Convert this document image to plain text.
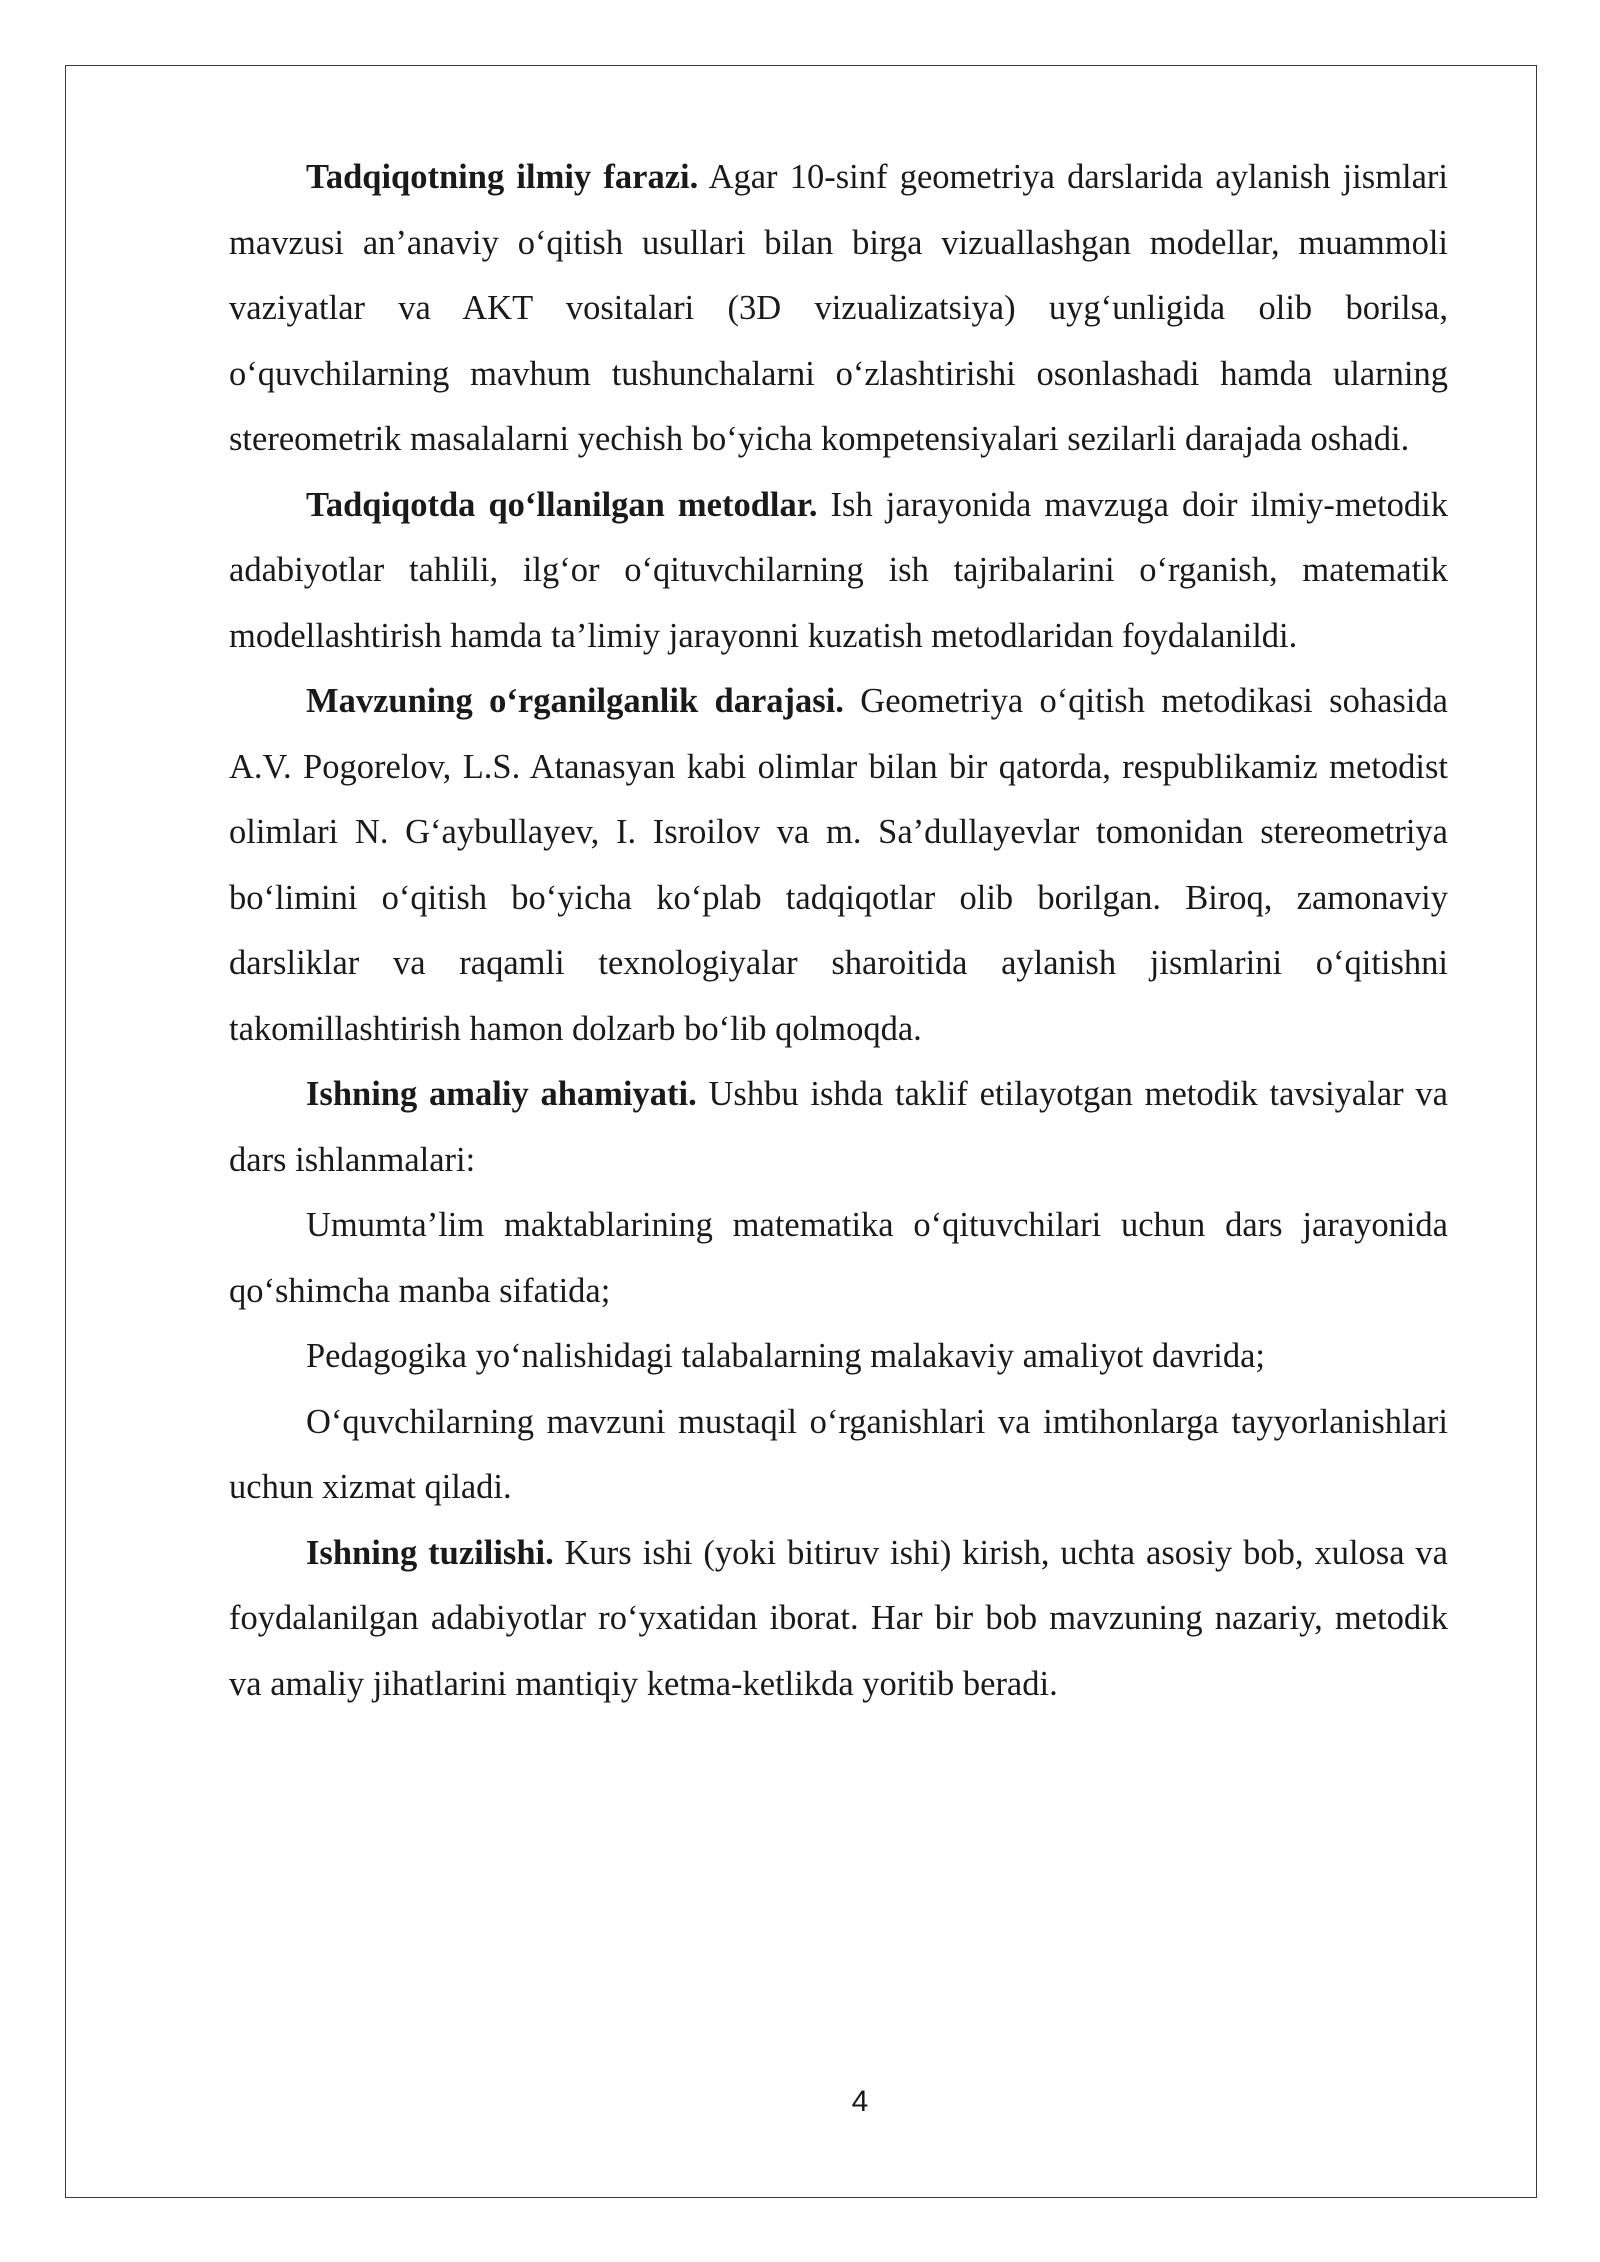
Tadqiqotning ilmiy farazi. Agar 10-sinf geometriya darslarida aylanish jismlari mavzusi an’anaviy o‘qitish usullari bilan birga vizuallashgan modellar, muammoli vaziyatlar va AKT vositalari (3D vizualizatsiya) uyg‘unligida olib borilsa, o‘quvchilarning mavhum tushunchalarni o‘zlashtirishi osonlashadi hamda ularning stereometrik masalalarni yechish bo‘yicha kompetensiyalari sezilarli darajada oshadi.

Tadqiqotda qo‘llanilgan metodlar. Ish jarayonida mavzuga doir ilmiy-metodik adabiyotlar tahlili, ilg‘or o‘qituvchilarning ish tajribalarini o‘rganish, matematik modellashtirish hamda ta’limiy jarayonni kuzatish metodlaridan foydalanildi.

Mavzuning o‘rganilganlik darajasi. Geometriya o‘qitish metodikasi sohasida A.V. Pogorelov, L.S. Atanasyan kabi olimlar bilan bir qatorda, respublikamiz metodist olimlari N. G‘aybullayev, I. Isroilov va m. Sa’dullayevlar tomonidan stereometriya bo‘limini o‘qitish bo‘yicha ko‘plab tadqiqotlar olib borilgan. Biroq, zamonaviy darsliklar va raqamli texnologiyalar sharoitida aylanish jismlarini o‘qitishni takomillashtirish hamon dolzarb bo‘lib qolmoqda.

Ishning amaliy ahamiyati. Ushbu ishda taklif etilayotgan metodik tavsiyalar va dars ishlanmalari:

Umumta’lim maktablarining matematika o‘qituvchilari uchun dars jarayonida qo‘shimcha manba sifatida;

Pedagogika yo‘nalishidagi talabalarning malakaviy amaliyot davrida;

O‘quvchilarning mavzuni mustaqil o‘rganishlari va imtihonlarga tayyorlanishlari uchun xizmat qiladi.

Ishning tuzilishi. Kurs ishi (yoki bitiruv ishi) kirish, uchta asosiy bob, xulosa va foydalanilgan adabiyotlar ro‘yxatidan iborat. Har bir bob mavzuning nazariy, metodik va amaliy jihatlarini mantiqiy ketma-ketlikda yoritib beradi.

4
